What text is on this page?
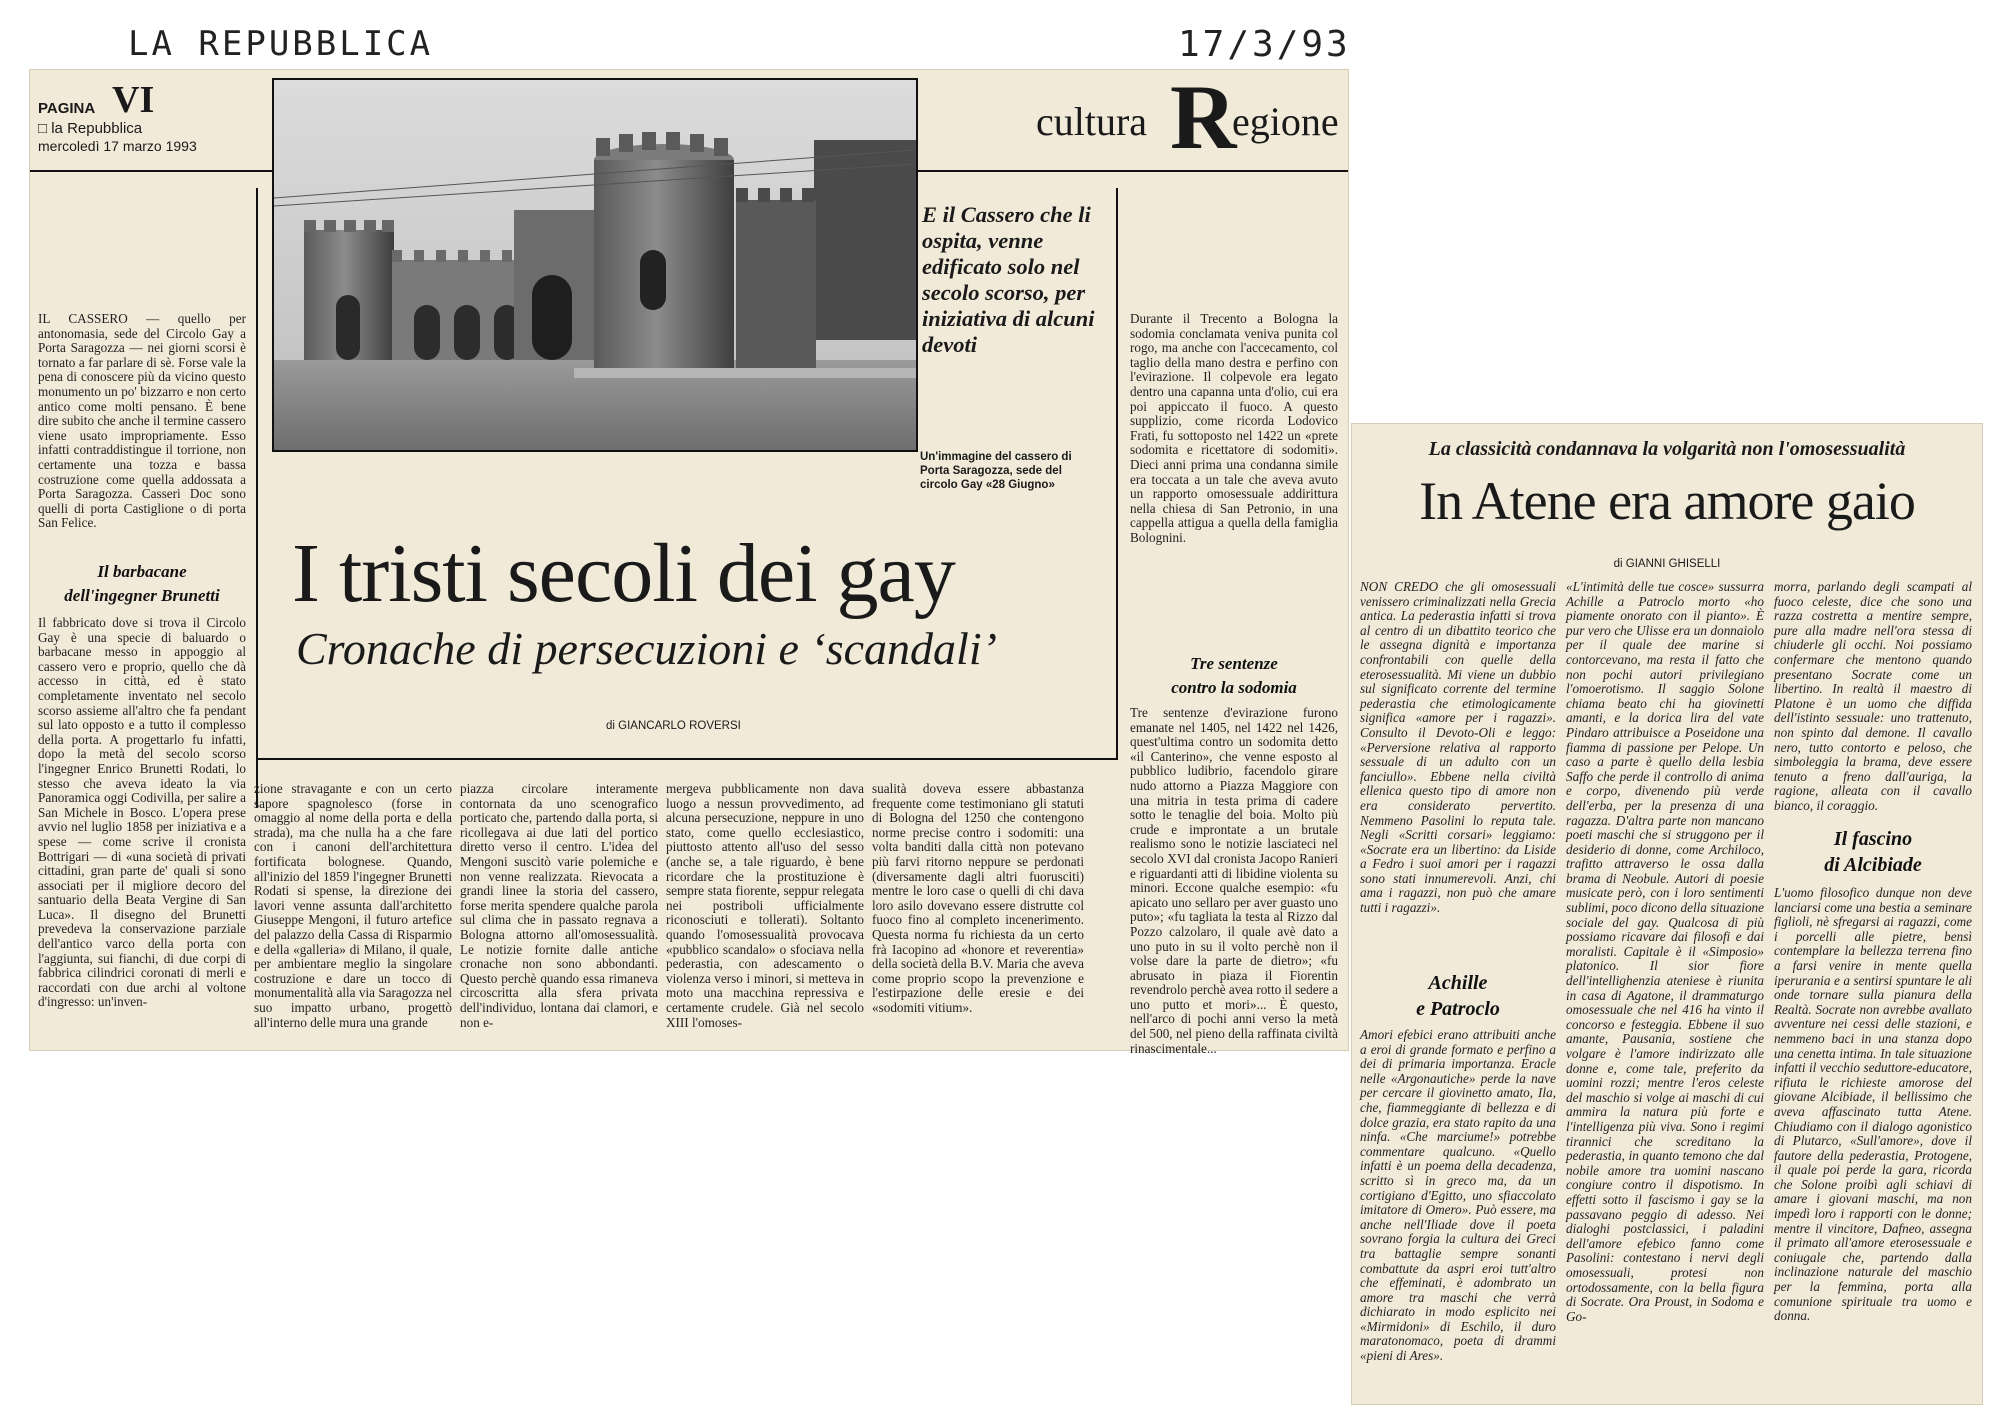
LA REPUBBLICA	17/3/93
PAGINA VI
□ la Repubblica
mercoledì 17 marzo 1993
cultura R
egione
E il Cassero che li ospita, venne edificato solo nel secolo scorso, per iniziativa di alcuni devoti
Un'immagine del cassero di Porta Saragozza, sede del circolo Gay «28 Giugno»
I tristi secoli dei gay
Cronache di persecuzioni e ‘scandali’
di GIANCARLO ROVERSI
IL CASSERO — quello per antonomasia, sede del Circolo Gay a Porta Saragozza — nei giorni scorsi è tornato a far parlare di sè. Forse vale la pena di conoscere più da vicino questo monumento un po' bizzarro e non certo antico come molti pensano. È bene dire subito che anche il termine cassero viene usato impropriamente. Esso infatti contraddistingue il torrione, non certamente una tozza e bassa costruzione come quella addossata a Porta Saragozza. Casseri Doc sono quelli di porta Castiglione o di porta San Felice.
Il barbacane
dell'ingegner Brunetti
Il fabbricato dove si trova il Circolo Gay è una specie di baluardo o barbacane messo in appoggio al cassero vero e proprio, quello che dà accesso in città, ed è stato completamente inventato nel secolo scorso assieme all'altro che fa pendant sul lato opposto e a tutto il complesso della porta. A progettarlo fu infatti, dopo la metà del secolo scorso l'ingegner Enrico Brunetti Rodati, lo stesso che aveva ideato la via Panoramica oggi Codivilla, per salire a San Michele in Bosco. L'opera prese avvio nel luglio 1858 per iniziativa e a spese — come scrive il cronista Bottrigari — di «una società di privati cittadini, gran parte de' quali si sono associati per il migliore decoro del santuario della Beata Vergine di San Luca». Il disegno del Brunetti prevedeva la conservazione parziale dell'antico varco della porta con l'aggiunta, sui fianchi, di due corpi di fabbrica cilindrici coronati di merli e raccordati con due archi al voltone d'ingresso: un'inven-
zione stravagante e con un certo sapore spagnolesco (forse in omaggio al nome della porta e della strada), ma che nulla ha a che fare con i canoni dell'architettura fortificata bolognese. Quando, all'inizio del 1859 l'ingegner Brunetti Rodati si spense, la direzione dei lavori venne assunta dall'architetto Giuseppe Mengoni, il futuro artefice del palazzo della Cassa di Risparmio e della «galleria» di Milano, il quale, per ambientare meglio la singolare costruzione e dare un tocco di monumentalità alla via Saragozza nel suo impatto urbano, progettò all'interno delle mura una grande
piazza circolare interamente contornata da uno scenografico porticato che, partendo dalla porta, si ricollegava ai due lati del portico diretto verso il centro. L'idea del Mengoni suscitò varie polemiche e non venne realizzata. Rievocata a grandi linee la storia del cassero, forse merita spendere qualche parola sul clima che in passato regnava a Bologna attorno all'omosessualità. Le notizie fornite dalle antiche cronache non sono abbondanti. Questo perchè quando essa rimaneva circoscritta alla sfera privata dell'individuo, lontana dai clamori, e non e-
mergeva pubblicamente non dava luogo a nessun provvedimento, ad alcuna persecuzione, neppure in uno stato, come quello ecclesiastico, piuttosto attento all'uso del sesso (anche se, a tale riguardo, è bene ricordare che la prostituzione è sempre stata fiorente, seppur relegata nei postriboli ufficialmente riconosciuti e tollerati). Soltanto quando l'omosessualità provocava «pubblico scandalo» o sfociava nella pederastia, con adescamento o violenza verso i minori, si metteva in moto una macchina repressiva e certamente crudele. Già nel secolo XIII l'omoses-
sualità doveva essere abbastanza frequente come testimoniano gli statuti di Bologna del 1250 che contengono norme precise contro i sodomiti: una volta banditi dalla città non potevano più farvi ritorno neppure se perdonati (diversamente dagli altri fuorusciti) mentre le loro case o quelli di chi dava loro asilo dovevano essere distrutte col fuoco fino al completo incenerimento. Questa norma fu richiesta da un certo frà Iacopino ad «honore et reverentia» della società della B.V. Maria che aveva come proprio scopo la prevenzione e l'estirpazione delle eresie e dei «sodomiti vitium».
Durante il Trecento a Bologna la sodomia conclamata veniva punita col rogo, ma anche con l'accecamento, col taglio della mano destra e perfino con l'evirazione. Il colpevole era legato dentro una capanna unta d'olio, cui era poi appiccato il fuoco. A questo supplizio, come ricorda Lodovico Frati, fu sottoposto nel 1422 un «prete sodomita e ricettatore di sodomiti». Dieci anni prima una condanna simile era toccata a un tale che aveva avuto un rapporto omosessuale addirittura nella chiesa di San Petronio, in una cappella attigua a quella della famiglia Bolognini.
Tre sentenze
contro la sodomia
Tre sentenze d'evirazione furono emanate nel 1405, nel 1422 nel 1426, quest'ultima contro un sodomita detto «il Canterino», che venne esposto al pubblico ludibrio, facendolo girare nudo attorno a Piazza Maggiore con una mitria in testa prima di cadere sotto le tenaglie del boia. Molto più crude e improntate a un brutale realismo sono le notizie lasciateci nel secolo XVI dal cronista Jacopo Ranieri e riguardanti atti di libidine violenta su minori. Eccone qualche esempio: «fu apicato uno sellaro per aver guasto uno puto»; «fu tagliata la testa al Rizzo dal Pozzo calzolaro, il quale avè dato a uno puto in su il volto perchè non il volse dare la parte de dietro»; «fu abrusato in piaza il Fiorentin revendrolo perchè avea rotto il sedere a uno putto et mori»... È questo, nell'arco di pochi anni verso la metà del 500, nel pieno della raffinata civiltà rinascimentale...
La classicità condannava la volgarità non l'omosessualità
In Atene era amore gaio
di GIANNI GHISELLI
NON CREDO che gli omosessuali venissero criminalizzati nella Grecia antica. La pederastia infatti si trova al centro di un dibattito teorico che le assegna dignità e importanza confrontabili con quelle della eterosessualità. Mi viene un dubbio sul significato corrente del termine pederastia che etimologicamente significa «amore per i ragazzi». Consulto il Devoto-Oli e leggo: «Perversione relativa al rapporto sessuale di un adulto con un fanciullo». Ebbene nella civiltà ellenica questo tipo di amore non era considerato pervertito. Nemmeno Pasolini lo reputa tale. Negli «Scritti corsari» leggiamo: «Socrate era un libertino: da Liside a Fedro i suoi amori per i ragazzi sono stati innumerevoli. Anzi, chi ama i ragazzi, non può che amare tutti i ragazzi».
Achille
e Patroclo
Amori efebici erano attribuiti anche a eroi di grande formato e perfino a dei di primaria importanza. Eracle nelle «Argonautiche» perde la nave per cercare il giovinetto amato, Ila, che, fiammeggiante di bellezza e di dolce grazia, era stato rapito da una ninfa. «Che marciume!» potrebbe commentare qualcuno. «Quello infatti è un poema della decadenza, scritto sì in greco ma, da un cortigiano d'Egitto, uno sfiaccolato imitatore di Omero». Può essere, ma anche nell'Iliade dove il poeta sovrano forgia la cultura dei Greci tra battaglie sempre sonanti combattute da aspri eroi tutt'altro che effeminati, è adombrato un amore tra maschi che verrà dichiarato in modo esplicito nei «Mirmidoni» di Eschilo, il duro maratonomaco, poeta di drammi «pieni di Ares».
«L'intimità delle tue cosce» sussurra Achille a Patroclo morto «ho piamente onorato con il pianto». È pur vero che Ulisse era un donnaiolo per il quale dee marine si contorcevano, ma resta il fatto che non pochi autori privilegiano l'omoerotismo. Il saggio Solone chiama beato chi ha giovinetti amanti, e la dorica lira del vate Pindaro attribuisce a Poseidone una fiamma di passione per Pelope. Un caso a parte è quello della lesbia Saffo che perde il controllo di anima e corpo, divenendo più verde dell'erba, per la presenza di una ragazza. D'altra parte non mancano poeti maschi che si struggono per il desiderio di donne, come Archiloco, trafitto attraverso le ossa dalla brama di Neobule. Autori di poesie musicate però, con i loro sentimenti sublimi, poco dicono della situazione sociale del gay. Qualcosa di più possiamo ricavare dai filosofi e dai moralisti. Capitale è il «Simposio» platonico. Il sior fiore dell'intellighenzia ateniese è riunita in casa di Agatone, il drammaturgo omosessuale che nel 416 ha vinto il concorso e festeggia. Ebbene il suo amante, Pausania, sostiene che volgare è l'amore indirizzato alle donne e, come tale, preferito da uomini rozzi; mentre l'eros celeste del maschio si volge ai maschi di cui ammira la natura più forte e l'intelligenza più viva. Sono i regimi tirannici che screditano la pederastia, in quanto temono che dal nobile amore tra uomini nascano congiure contro il dispotismo. In effetti sotto il fascismo i gay se la passavano peggio di adesso. Nei dialoghi postclassici, i paladini dell'amore efebico fanno come Pasolini: contestano i nervi degli omosessuali, protesi non ortodossamente, con la bella figura di Socrate. Ora Proust, in Sodoma e Go-
morra, parlando degli scampati al fuoco celeste, dice che sono una razza costretta a mentire sempre, pure alla madre nell'ora stessa di chiuderle gli occhi. Noi possiamo confermare che mentono quando presentano Socrate come un libertino. In realtà il maestro di Platone è un uomo che diffida dell'istinto sessuale: uno trattenuto, non spinto dal demone. Il cavallo nero, tutto contorto e peloso, che simboleggia la brama, deve essere tenuto a freno dall'auriga, la ragione, alleata con il cavallo bianco, il coraggio.
Il fascino
di Alcibiade
L'uomo filosofico dunque non deve lanciarsi come una bestia a seminare figlioli, nè sfregarsi ai ragazzi, come i porcelli alle pietre, bensì contemplare la bellezza terrena fino a farsi venire in mente quella iperurania e a sentirsi spuntare le ali onde tornare sulla pianura della Realtà. Socrate non avrebbe avallato avventure nei cessi delle stazioni, e nemmeno baci in una stanza dopo una cenetta intima. In tale situazione infatti il vecchio seduttore-educatore, rifiuta le richieste amorose del giovane Alcibiade, il bellissimo che aveva affascinato tutta Atene. Chiudiamo con il dialogo agonistico di Plutarco, «Sull'amore», dove il fautore della pederastia, Protogene, il quale poi perde la gara, ricorda che Solone proibì agli schiavi di amare i giovani maschi, ma non impedì loro i rapporti con le donne; mentre il vincitore, Dafneo, assegna il primato all'amore eterosessuale e coniugale che, partendo dalla inclinazione naturale del maschio per la femmina, porta alla comunione spirituale tra uomo e donna.
